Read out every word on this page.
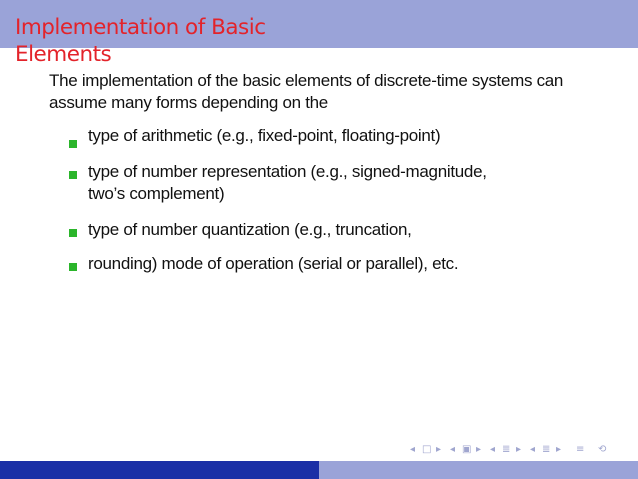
Implementation of Basic Elements

The implementation of the basic elements of discrete-time systems can assume many forms depending on the

type of arithmetic (e.g., fixed-point, floating-point)
type of number representation (e.g., signed-magnitude,
two’s complement)
type of number quantization (e.g., truncation,
rounding) mode of operation (serial or parallel), etc.
◂ □ ▸ ◂ ▣ ▸ ◂ ≣ ▸ ◂ ≣ ▸ ≡ ⟲
